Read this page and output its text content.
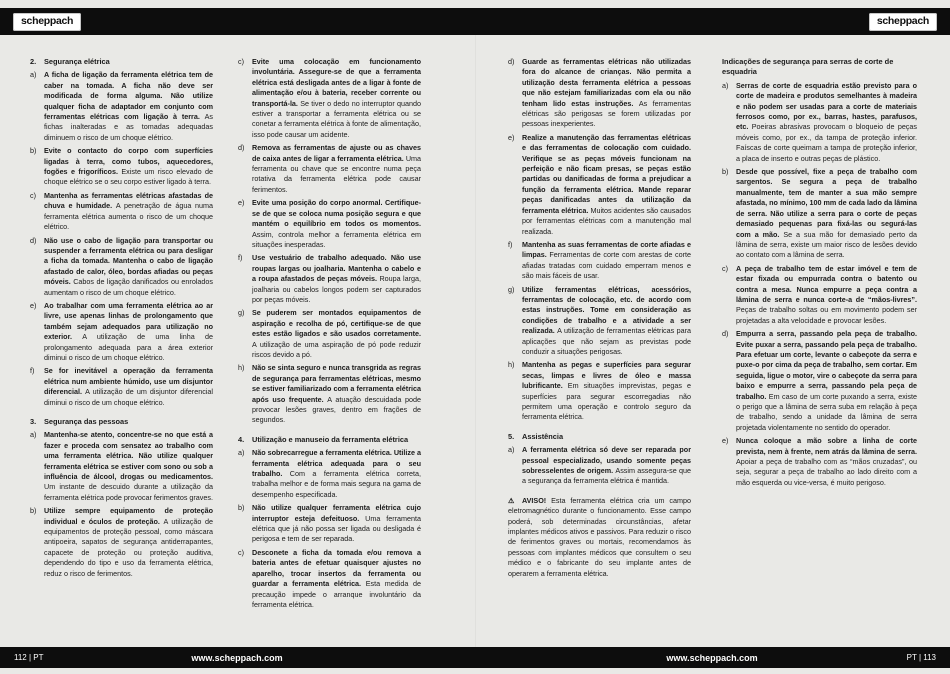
scheppach	scheppach
2. Segurança elétrica
a) A ficha de ligação da ferramenta elétrica tem de caber na tomada. A ficha não deve ser modificada de forma alguma. Não utilize qualquer ficha de adaptador em conjunto com ferramentas elétricas com ligação à terra. As fichas inalteradas e as tomadas adequadas diminuem o risco de um choque elétrico.
b) Evite o contacto do corpo com superfícies ligadas à terra, como tubos, aquecedores, fogões e frigoríficos. Existe um risco elevado de choque elétrico se o seu corpo estiver ligado à terra.
c) Mantenha as ferramentas elétricas afastadas de chuva e humidade. A penetração de água numa ferramenta elétrica aumenta o risco de um choque elétrico.
d) Não use o cabo de ligação para transportar ou suspender a ferramenta elétrica ou para desligar a ficha da tomada. Mantenha o cabo de ligação afastado de calor, óleo, bordas afiadas ou peças móveis. Cabos de ligação danificados ou enrolados aumentam o risco de um choque elétrico.
e) Ao trabalhar com uma ferramenta elétrica ao ar livre, use apenas linhas de prolongamento que também sejam adequados para utilização no exterior. A utilização de uma linha de prolongamento adequada para a área exterior diminui o risco de um choque elétrico.
f) Se for inevitável a operação da ferramenta elétrica num ambiente húmido, use um disjuntor diferencial. A utilização de um disjuntor diferencial diminui o risco de um choque elétrico.
3. Segurança das pessoas
a) Mantenha-se atento, concentre-se no que está a fazer e proceda com sensatez ao trabalho com uma ferramenta elétrica. Não utilize qualquer ferramenta elétrica se estiver com sono ou sob a influência de álcool, drogas ou medicamentos. Um instante de descuido durante a utilização da ferramenta elétrica pode provocar ferimentos graves.
b) Utilize sempre equipamento de proteção individual e óculos de proteção. A utilização de equipamentos de proteção pessoal, como máscara antipoeira, sapatos de segurança antiderrapantes, capacete de proteção ou proteção auditiva, dependendo do tipo e uso da ferramenta elétrica, reduz o risco de ferimentos.
c) Evite uma colocação em funcionamento involuntária. Assegure-se de que a ferramenta elétrica está desligada antes de a ligar à fonte de alimentação e/ou à bateria, receber corrente ou transportá-la. Se tiver o dedo no interruptor quando estiver a transportar a ferramenta elétrica ou se conetar a ferramenta elétrica à fonte de alimentação, isso pode causar um acidente.
d) Remova as ferramentas de ajuste ou as chaves de caixa antes de ligar a ferramenta elétrica. Uma ferramenta ou chave que se encontre numa peça rotativa da ferramenta elétrica pode causar ferimentos.
e) Evite uma posição do corpo anormal. Certifique-se de que se coloca numa posição segura e que mantém o equilíbrio em todos os momentos. Assim, controla melhor a ferramenta elétrica em situações inesperadas.
f) Use vestuário de trabalho adequado. Não use roupas largas ou joalharia. Mantenha o cabelo e a roupa afastados de peças móveis. Roupa larga, joalharia ou cabelos longos podem ser capturados por peças móveis.
g) Se puderem ser montados equipamentos de aspiração e recolha de pó, certifique-se de que estes estão ligados e são usados corretamente. A utilização de uma aspiração de pó pode reduzir riscos devido a pó.
h) Não se sinta seguro e nunca transgrida as regras de segurança para ferramentas elétricas, mesmo se estiver familiarizado com a ferramenta elétrica após uso frequente. A atuação descuidada pode provocar lesões graves, dentro em frações de segundos.
4. Utilização e manuseio da ferramenta elétrica
a) Não sobrecarregue a ferramenta elétrica. Utilize a ferramenta elétrica adequada para o seu trabalho. Com a ferramenta elétrica correta, trabalha melhor e de forma mais segura na gama de desempenho especificada.
b) Não utilize qualquer ferramenta elétrica cujo interruptor esteja defeituoso. Uma ferramenta elétrica que já não possa ser ligada ou desligada é perigosa e tem de ser reparada.
c) Desconete a ficha da tomada e/ou remova a bateria antes de efetuar quaisquer ajustes no aparelho, trocar insertos da ferramenta ou guardar a ferramenta elétrica. Esta medida de precaução impede o arranque involuntário da ferramenta elétrica.
d) Guarde as ferramentas elétricas não utilizadas fora do alcance de crianças. Não permita a utilização desta ferramenta elétrica a pessoas que não estejam familiarizadas com ela ou não tenham lido estas instruções. As ferramentas elétricas são perigosas se forem utilizadas por pessoas inexperientes.
e) Realize a manutenção das ferramentas elétricas e das ferramentas de colocação com cuidado. Verifique se as peças móveis funcionam na perfeição e não ficam presas, se peças estão partidas ou danificadas de forma a prejudicar a função da ferramenta elétrica. Mande reparar peças danificadas antes da utilização da ferramenta elétrica. Muitos acidentes são causados por ferramentas elétricas com a manutenção mal realizada.
f) Mantenha as suas ferramentas de corte afiadas e limpas. Ferramentas de corte com arestas de corte afiadas tratadas com cuidado emperram menos e são mais fáceis de usar.
g) Utilize ferramentas elétricas, acessórios, ferramentas de colocação, etc. de acordo com estas instruções. Tome em consideração as condições de trabalho e a atividade a ser realizada. A utilização de ferramentas elétricas para aplicações que não sejam as previstas pode conduzir a situações perigosas.
h) Mantenha as pegas e superfícies para segurar secas, limpas e livres de óleo e massa lubrificante. Em situações imprevistas, pegas e superfícies para segurar escorregadias não permitem uma operação e controlo seguro da ferramenta elétrica.
5. Assistência
a) A ferramenta elétrica só deve ser reparada por pessoal especializado, usando somente peças sobresselentes de origem. Assim assegura-se que a segurança da ferramenta elétrica é mantida.
⚠ AVISO! Esta ferramenta elétrica cria um campo eletromagnético durante o funcionamento. Esse campo poderá, sob determinadas circunstâncias, afetar implantes médicos ativos e passivos. Para reduzir o risco de ferimentos graves ou mortais, recomendamos às pessoas com implantes médicos que consultem o seu médico e o fabricante do seu implante antes de operarem a ferramenta elétrica.
Indicações de segurança para serras de corte de esquadria
a) Serras de corte de esquadria estão previsto para o corte de madeira e produtos semelhantes à madeira e não podem ser usadas para a corte de materiais ferrosos como, por ex., barras, hastes, parafusos, etc. Poeiras abrasivas provocam o bloqueio de peças móveis como, por ex., da tampa de proteção inferior. Faíscas de corte queimam a tampa de proteção inferior, a placa de inserto e outras peças de plástico.
b) Desde que possível, fixe a peça de trabalho com sargentos. Se segura a peça de trabalho manualmente, tem de manter a sua mão sempre afastada, no mínimo, 100 mm de cada lado da lâmina de serra. Não utilize a serra para o corte de peças demasiado pequenas para fixá-las ou segurá-las com a mão. Se a sua mão for demasiado perto da lâmina de serra, existe um maior risco de lesões devido ao contato com a lâmina de serra.
c) A peça de trabalho tem de estar imóvel e tem de estar fixada ou empurrada contra o batento ou contra a mesa. Nunca empurre a peça contra a lâmina de serra e nunca corte-a de “mãos-livres”. Peças de trabalho soltas ou em movimento podem ser projetadas a alta velocidade e provocar lesões.
d) Empurra a serra, passando pela peça de trabalho. Evite puxar a serra, passando pela peça de trabalho. Para efetuar um corte, levante o cabeçote da serra e puxe-o por cima da peça de trabalho, sem cortar. Em seguida, ligue o motor, vire o cabeçote da serra para baixo e empurre a serra, passando pela peça de trabalho. Em caso de um corte puxando a serra, existe o perigo que a lâmina de serra suba em relação à peça de trabalho, sendo a unidade da lâmina de serra projetada violentamente no sentido do operador.
e) Nunca coloque a mão sobre a linha de corte prevista, nem à frente, nem atrás da lâmina de serra. Apoiar a peça de trabalho com as “mãos cruzadas”, ou seja, segurar a peça de trabalho ao lado direito com a mão esquerda ou vice-versa, é muito perigoso.
112 | PT	www.scheppach.com	www.scheppach.com	PT | 113
